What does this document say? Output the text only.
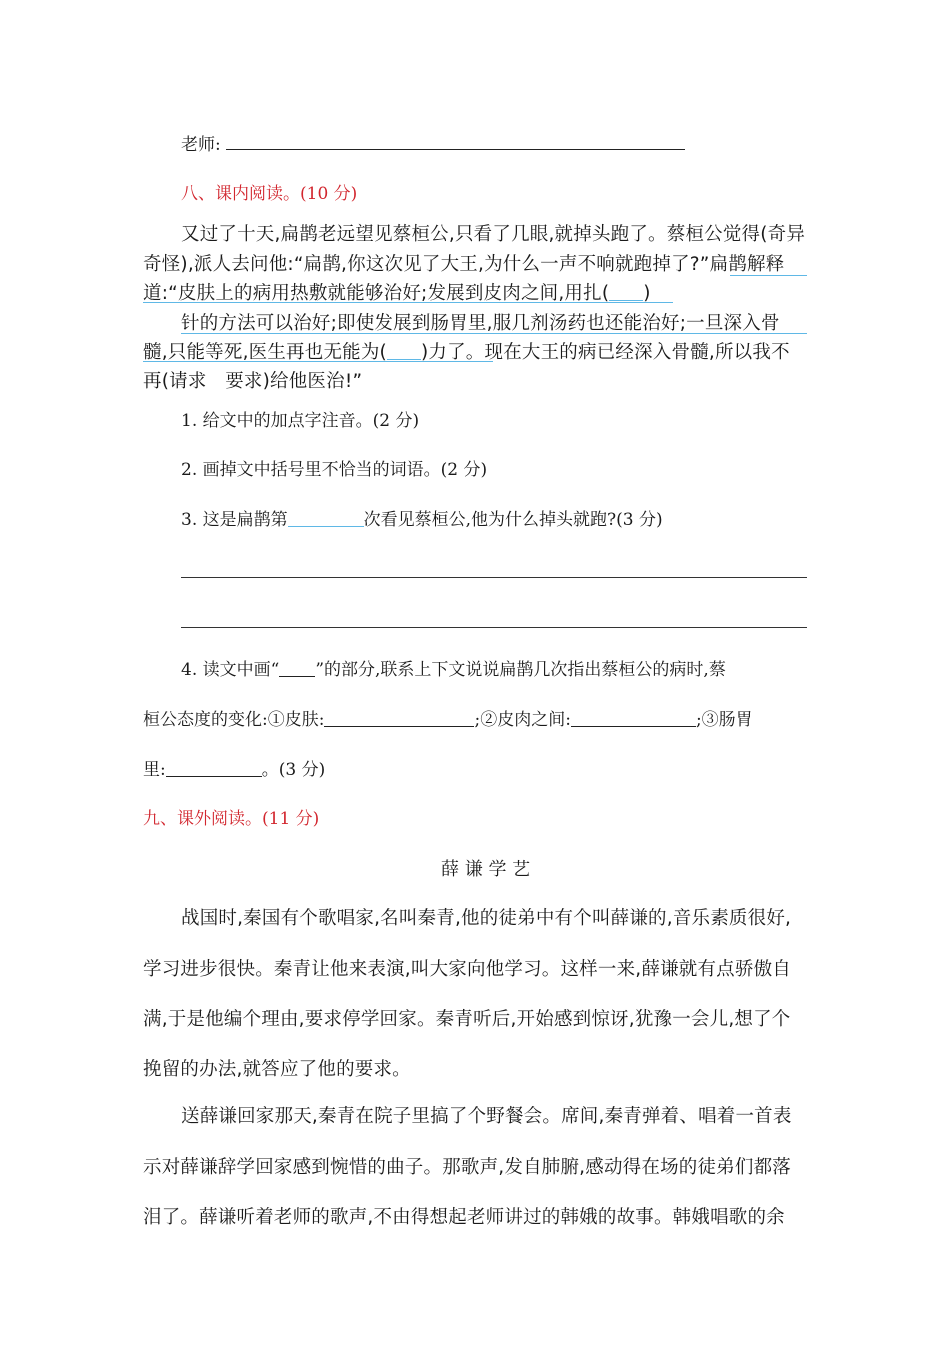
老师:
八、课内阅读。(10 分)
又过了十天,扁鹊老远望见蔡桓公,只看了几眼,就掉头跑了。蔡桓公觉得(奇异
奇怪),派人去问他:“扁鹊,你这次见了大王,为什么一声不响就跑掉了?”扁鹊解释
道:“皮肤上的病用热敷就能够治好;发展到皮肉之间,用扎( )
针的方法可以治好;即使发展到肠胃里,服几剂汤药也还能治好;一旦深入骨
髓,只能等死,医生再也无能为( )力了。现在大王的病已经深入骨髓,所以我不
再(请求　要求)给他医治!”
1. 给文中的加点字注音。(2 分)
2. 画掉文中括号里不恰当的词语。(2 分)
3. 这是扁鹊第	次看见蔡桓公,他为什么掉头就跑?(3 分)
4. 读文中画“ ”的部分,联系上下文说说扁鹊几次指出蔡桓公的病时,蔡
桓公态度的变化:①皮肤:	;②皮肉之间:	;③肠胃
里:	。(3 分)
九、课外阅读。(11 分)
薛 谦 学 艺
战国时,秦国有个歌唱家,名叫秦青,他的徒弟中有个叫薛谦的,音乐素质很好,
学习进步很快。秦青让他来表演,叫大家向他学习。这样一来,薛谦就有点骄傲自
满,于是他编个理由,要求停学回家。秦青听后,开始感到惊讶,犹豫一会儿,想了个
挽留的办法,就答应了他的要求。
送薛谦回家那天,秦青在院子里搞了个野餐会。席间,秦青弹着、唱着一首表
示对薛谦辞学回家感到惋惜的曲子。那歌声,发自肺腑,感动得在场的徒弟们都落
泪了。薛谦听着老师的歌声,不由得想起老师讲过的韩娥的故事。韩娥唱歌的余
